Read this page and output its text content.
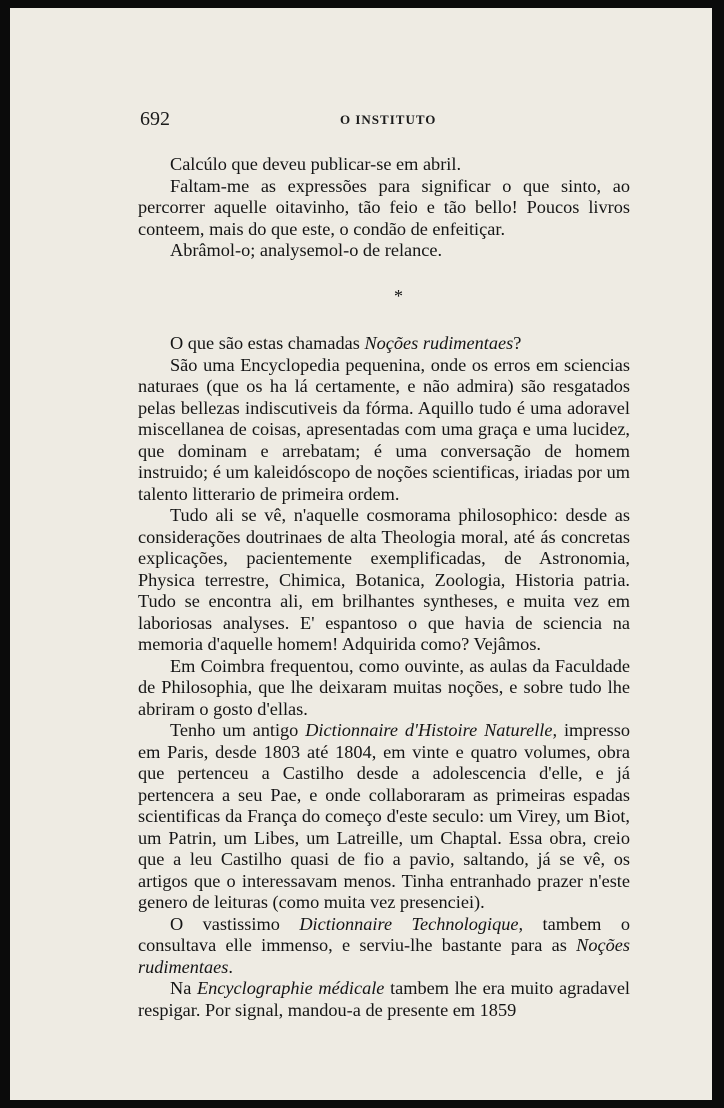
692	O INSTITUTO

Calcúlo que deveu publicar-se em abril.

Faltam-me as expressões para significar o que sinto, ao percorrer aquelle oitavinho, tão feio e tão bello! Poucos livros conteem, mais do que este, o condão de enfeitiçar.

Abrâmol-o; analysemol-o de relance.

*

O que são estas chamadas Noções rudimentaes?

São uma Encyclopedia pequenina, onde os erros em sciencias naturaes (que os ha lá certamente, e não admira) são resgatados pelas bellezas indiscutiveis da fórma. Aquillo tudo é uma adoravel miscellanea de coisas, apresentadas com uma graça e uma lucidez, que dominam e arrebatam; é uma conversação de homem instruido; é um kaleidóscopo de noções scientificas, iriadas por um talento litterario de primeira ordem.

Tudo ali se vê, n'aquelle cosmorama philosophico: desde as considerações doutrinaes de alta Theologia moral, até ás concretas explicações, pacientemente exemplificadas, de Astronomia, Physica terrestre, Chimica, Botanica, Zoologia, Historia patria. Tudo se encontra ali, em brilhantes syntheses, e muita vez em laboriosas analyses. E' espantoso o que havia de sciencia na memoria d'aquelle homem! Adquirida como? Vejâmos.

Em Coimbra frequentou, como ouvinte, as aulas da Faculdade de Philosophia, que lhe deixaram muitas noções, e sobre tudo lhe abriram o gosto d'ellas.

Tenho um antigo Dictionnaire d'Histoire Naturelle, impresso em Paris, desde 1803 até 1804, em vinte e quatro volumes, obra que pertenceu a Castilho desde a adolescencia d'elle, e já pertencera a seu Pae, e onde collaboraram as primeiras espadas scientificas da França do começo d'este seculo: um Virey, um Biot, um Patrin, um Libes, um Latreille, um Chaptal. Essa obra, creio que a leu Castilho quasi de fio a pavio, saltando, já se vê, os artigos que o interessavam menos. Tinha entranhado prazer n'este genero de leituras (como muita vez presenciei).

O vastissimo Dictionnaire Technologique, tambem o consultava elle immenso, e serviu-lhe bastante para as Noções rudimentaes.

Na Encyclographie médicale tambem lhe era muito agradavel respigar. Por signal, mandou-a de presente em 1859
